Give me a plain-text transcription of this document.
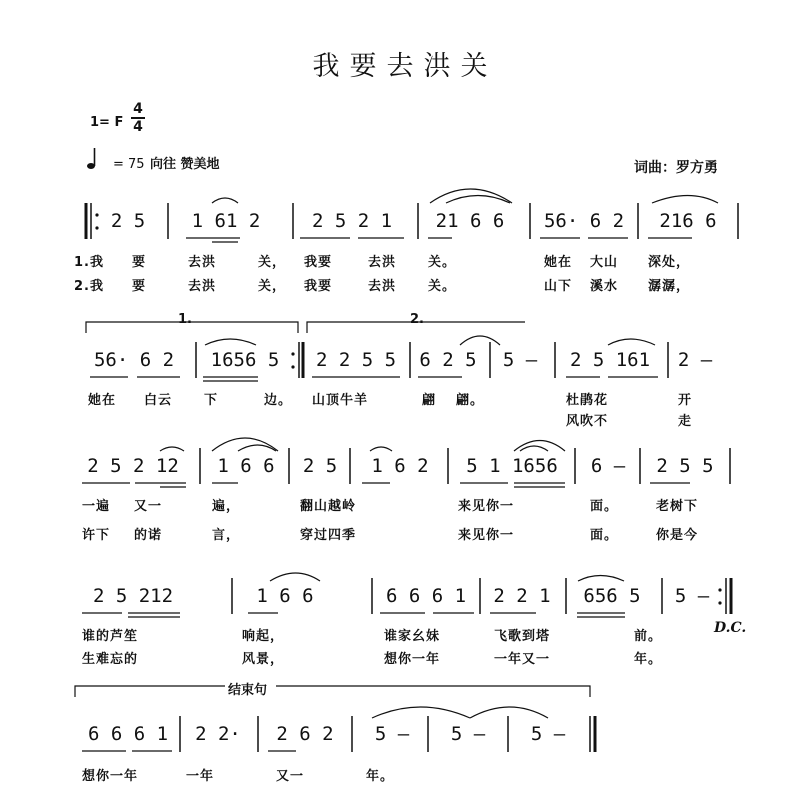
我要去洪关
1= F
4
4
2 5 1 61 2	2 5 2 1 21 6 6 56· 6 2 216 6
1.我 要	去洪	关， 我要	去洪 关。	她在 大山 深处，
2.我 要	去洪	关， 我要	去洪 关。	山下 溪水 潺潺，
1.	2.
56· 6 2 1656 5 2 2 5 5 6 2 5 5 – 2 5 161 2 –
她在 白云 下	边。 山顶牛羊	翩 翩。	杜鹃花	开
风吹不	走
2 5 2 12 1 6 6 2 5 1 6 2 5 1 1656 6 – 2 5 5
一遍 又一	遍，	翻山越岭	来见你一	面。	老树下
许下 的诺	言，	穿过四季	来见你一	面。	你是今
2 5 212	1 6 6	6 6 6 1 2 2 1 656 5 5 –
D.C.
谁的芦笙	响起，	谁家幺妹	飞歌到塔	前。
生难忘的	风景，	想你一年	一年又一	年。
结束句
6 6 6 1 2 2· 2 6 2 5 – 5 – 5 –
想你一年	一年	又一	年。
= 75 向往 赞美地	词曲：罗方勇
